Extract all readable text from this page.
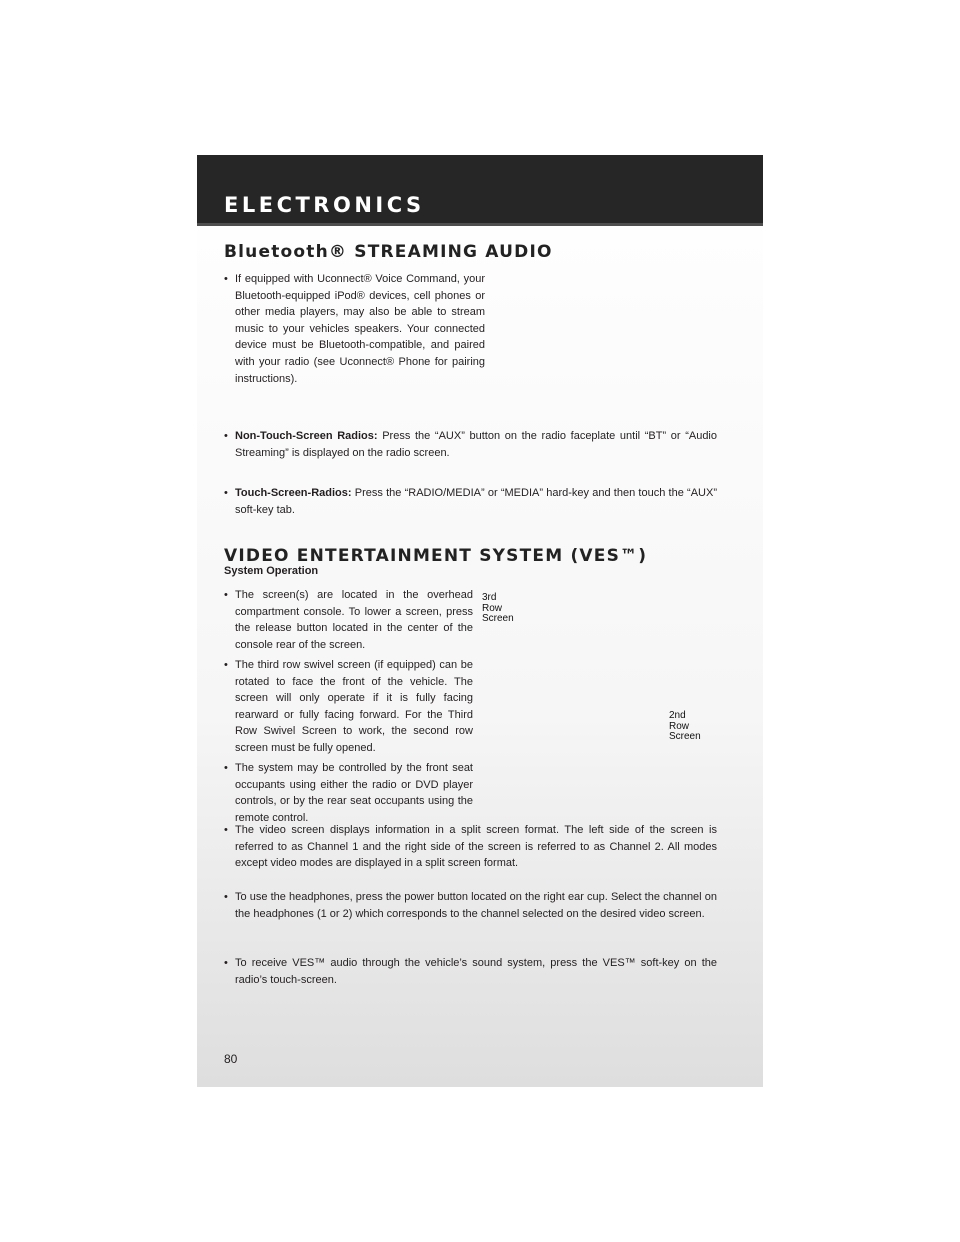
ELECTRONICS
Bluetooth® STREAMING AUDIO

• If equipped with Uconnect® Voice Command, your Bluetooth-equipped iPod® devices, cell phones or other media players, may also be able to stream music to your vehicles speakers. Your connected device must be Bluetooth-compatible, and paired with your radio (see Uconnect® Phone for pairing instructions).

• Non-Touch-Screen Radios: Press the “AUX” button on the radio faceplate until “BT” or “Audio Streaming” is displayed on the radio screen.

• Touch-Screen-Radios: Press the “RADIO/MEDIA” or “MEDIA” hard-key and then touch the “AUX” soft-key tab.

VIDEO ENTERTAINMENT SYSTEM (VES™)

System Operation

• The screen(s) are located in the overhead compartment console. To lower a screen, press the release button located in the center of the console rear of the screen.

• The third row swivel screen (if equipped) can be rotated to face the front of the vehicle. The screen will only operate if it is fully facing rearward or fully facing forward. For the Third Row Swivel Screen to work, the second row screen must be fully opened.

• The system may be controlled by the front seat occupants using either the radio or DVD player controls, or by the rear seat occupants using the remote control.

3rd
Row
Screen
2nd
Row
Screen

• The video screen displays information in a split screen format. The left side of the screen is referred to as Channel 1 and the right side of the screen is referred to as Channel 2. All modes except video modes are displayed in a split screen format.

• To use the headphones, press the power button located on the right ear cup. Select the channel on the headphones (1 or 2) which corresponds to the channel selected on the desired video screen.

• To receive VES™ audio through the vehicle’s sound system, press the VES™ soft-key on the radio’s touch-screen.

80
